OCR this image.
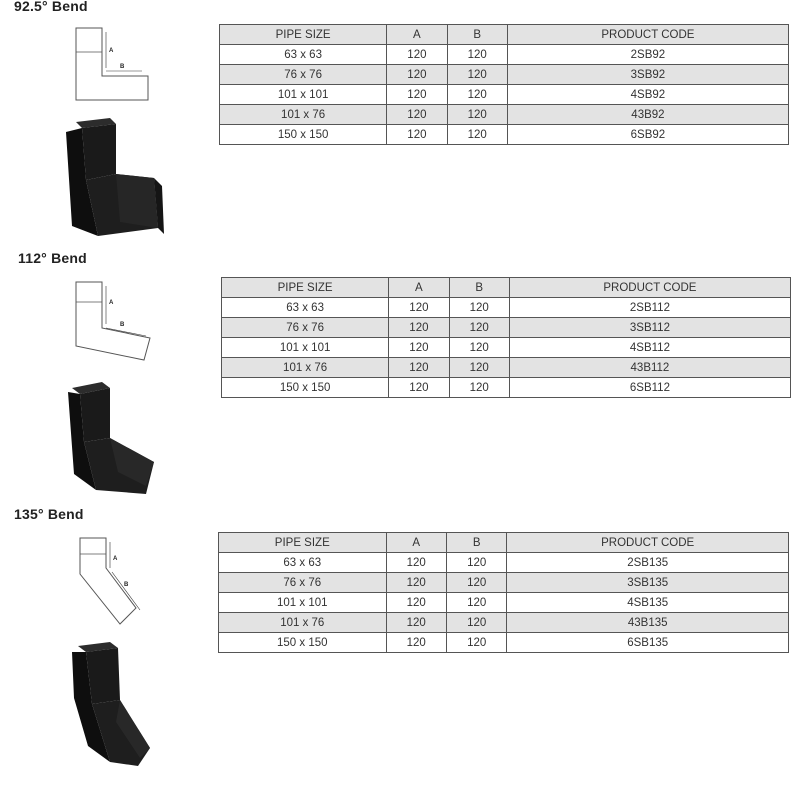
92.5° Bend
A
B
PIPE SIZE	A	B	PRODUCT CODE
63 x 63	120	120	2SB92
76 x 76	120	120	3SB92
101 x 101	120	120	4SB92
101 x 76	120	120	43B92
150 x 150	120	120	6SB92
112° Bend
A
B
PIPE SIZE	A	B	PRODUCT CODE
63 x 63	120	120	2SB112
76 x 76	120	120	3SB112
101 x 101	120	120	4SB112
101 x 76	120	120	43B112
150 x 150	120	120	6SB112
135° Bend
A
B
PIPE SIZE	A	B	PRODUCT CODE
63 x 63	120	120	2SB135
76 x 76	120	120	3SB135
101 x 101	120	120	4SB135
101 x 76	120	120	43B135
150 x 150	120	120	6SB135
